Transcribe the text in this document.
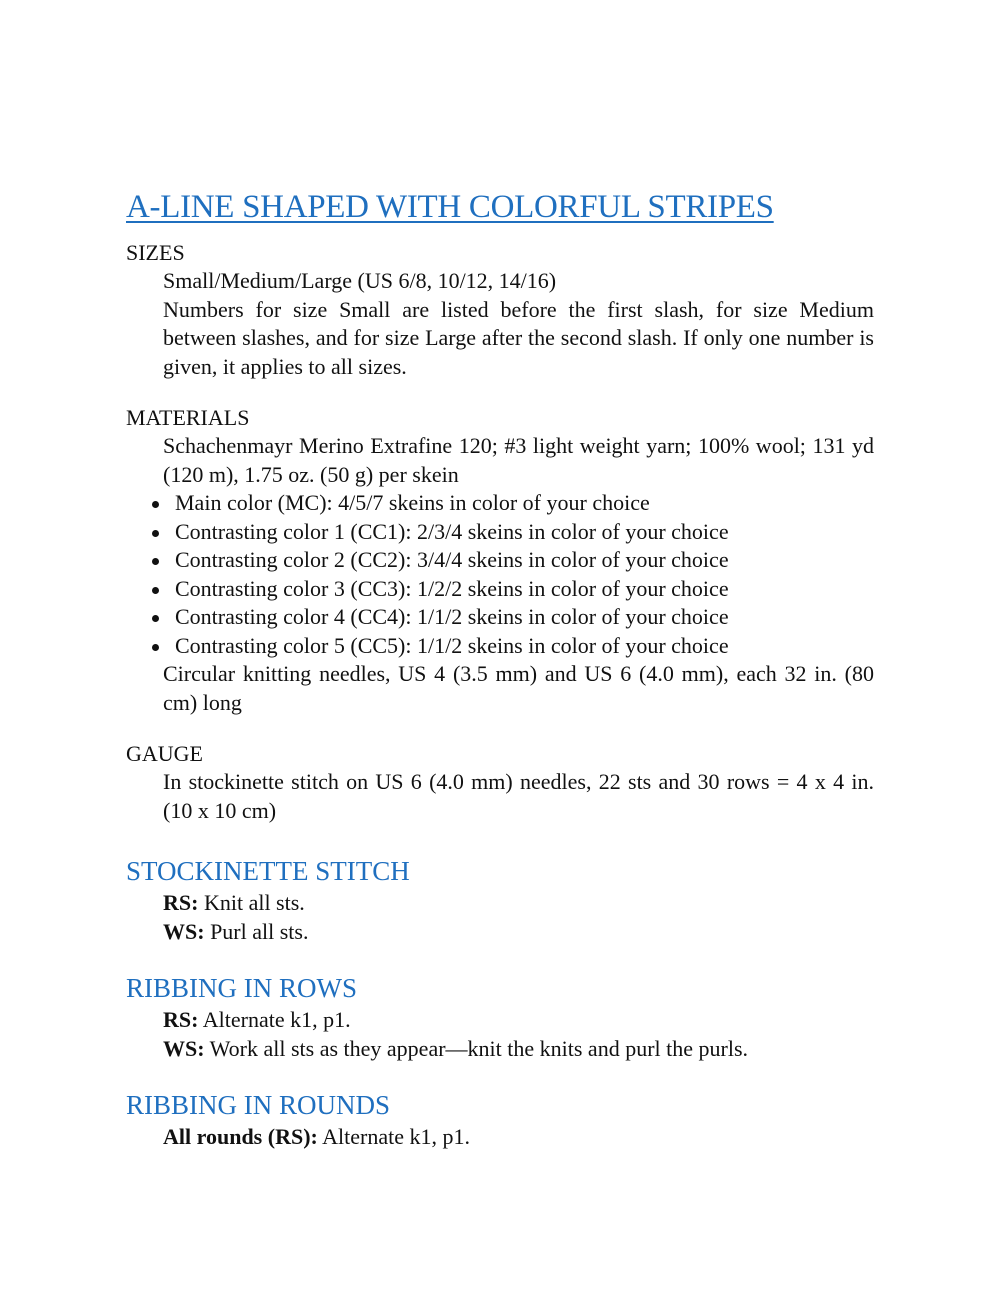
A-LINE SHAPED WITH COLORFUL STRIPES

SIZES

Small/Medium/Large (US 6/8, 10/12, 14/16)

Numbers for size Small are listed before the first slash, for size Medium between slashes, and for size Large after the second slash. If only one number is given, it applies to all sizes.

MATERIALS

Schachenmayr Merino Extrafine 120; #3 light weight yarn; 100% wool; 131 yd (120 m), 1.75 oz. (50 g) per skein

Main color (MC): 4/5/7 skeins in color of your choice
Contrasting color 1 (CC1): 2/3/4 skeins in color of your choice
Contrasting color 2 (CC2): 3/4/4 skeins in color of your choice
Contrasting color 3 (CC3): 1/2/2 skeins in color of your choice
Contrasting color 4 (CC4): 1/1/2 skeins in color of your choice
Contrasting color 5 (CC5): 1/1/2 skeins in color of your choice

Circular knitting needles, US 4 (3.5 mm) and US 6 (4.0 mm), each 32 in. (80 cm) long

GAUGE

In stockinette stitch on US 6 (4.0 mm) needles, 22 sts and 30 rows = 4 x 4 in. (10 x 10 cm)

STOCKINETTE STITCH

RS: Knit all sts.

WS: Purl all sts.

RIBBING IN ROWS

RS: Alternate k1, p1.

WS: Work all sts as they appear—knit the knits and purl the purls.

RIBBING IN ROUNDS

All rounds (RS): Alternate k1, p1.
